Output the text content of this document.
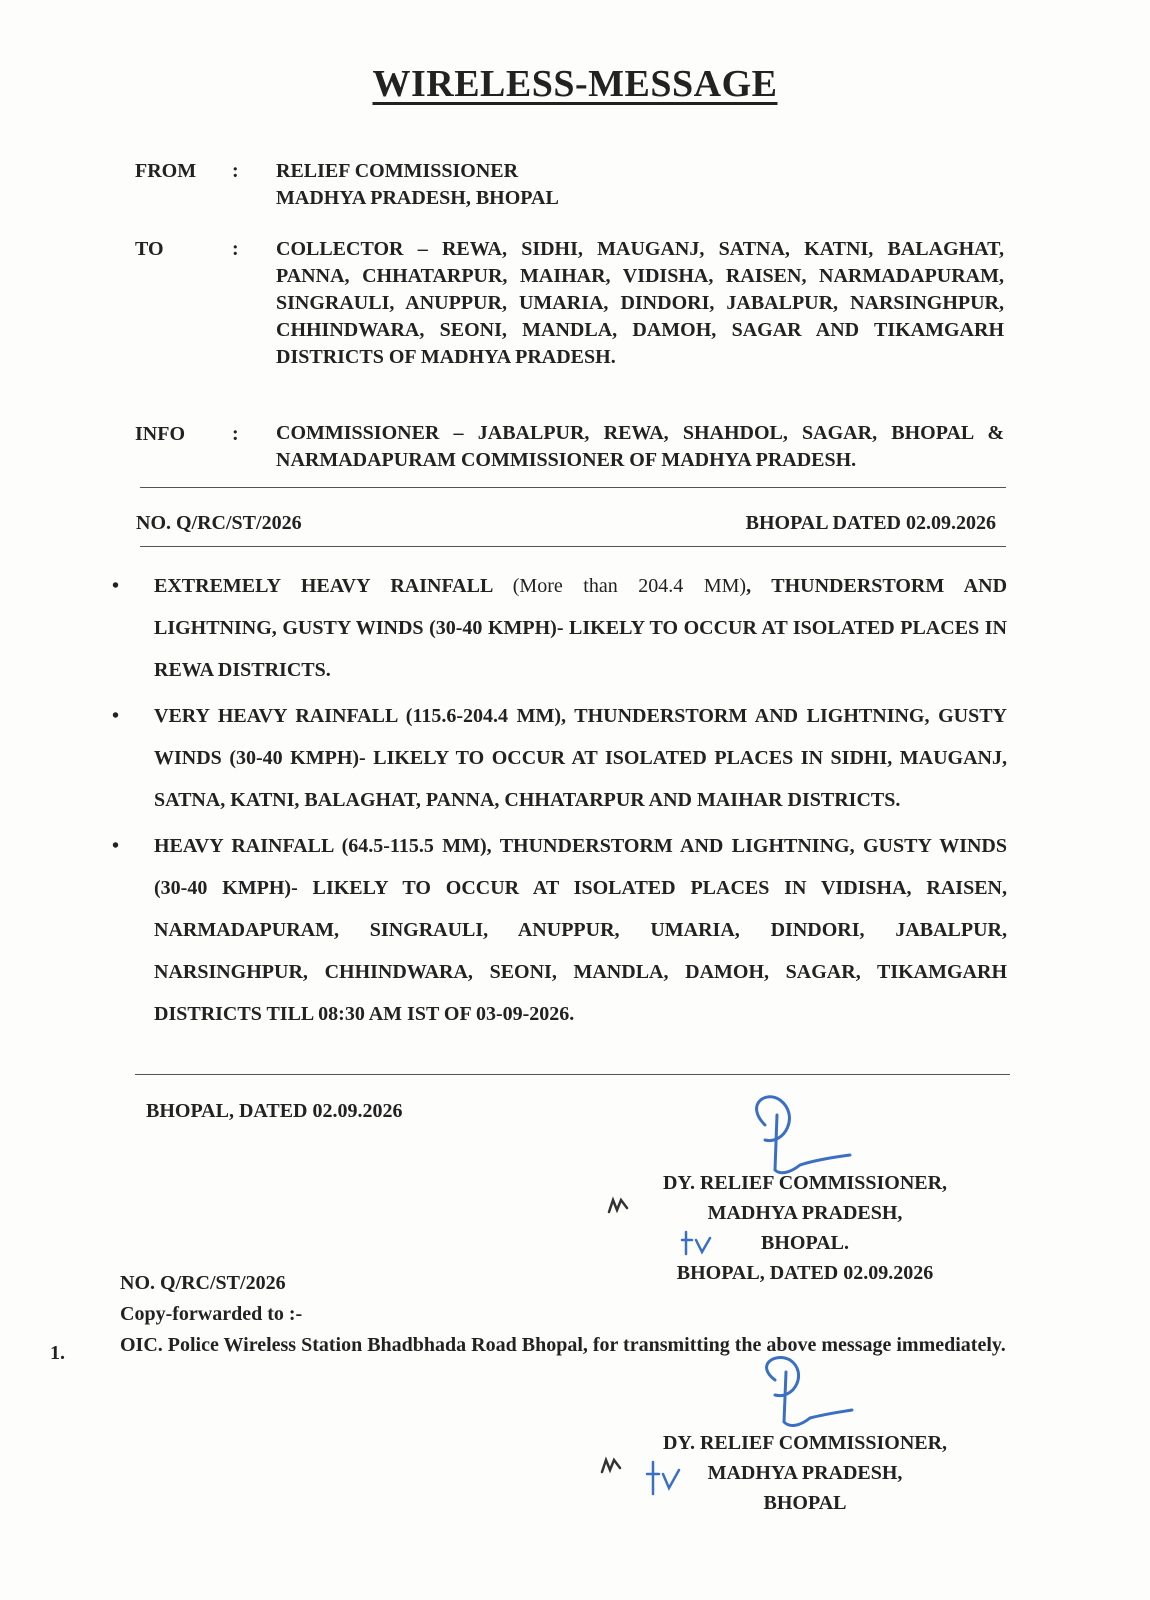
WIRELESS-MESSAGE
FROM : RELIEF COMMISSIONER
MADHYA PRADESH, BHOPAL
TO	: COLLECTOR – REWA, SIDHI, MAUGANJ, SATNA, KATNI, BALAGHAT, PANNA, CHHATARPUR, MAIHAR, VIDISHA, RAISEN, NARMADAPURAM, SINGRAULI, ANUPPUR, UMARIA, DINDORI, JABALPUR, NARSINGHPUR, CHHINDWARA, SEONI, MANDLA, DAMOH, SAGAR AND TIKAMGARH DISTRICTS OF MADHYA PRADESH.
INFO : COMMISSIONER – JABALPUR, REWA, SHAHDOL, SAGAR, BHOPAL & NARMADAPURAM COMMISSIONER OF MADHYA PRADESH.
NO. Q/RC/ST/2026	BHOPAL DATED 02.09.2026
• EXTREMELY HEAVY RAINFALL (More than 204.4 MM), THUNDERSTORM AND LIGHTNING, GUSTY WINDS (30-40 KMPH)- LIKELY TO OCCUR AT ISOLATED PLACES IN REWA DISTRICTS.
• VERY HEAVY RAINFALL (115.6-204.4 MM), THUNDERSTORM AND LIGHTNING, GUSTY WINDS (30-40 KMPH)- LIKELY TO OCCUR AT ISOLATED PLACES IN SIDHI, MAUGANJ, SATNA, KATNI, BALAGHAT, PANNA, CHHATARPUR AND MAIHAR DISTRICTS.
• HEAVY RAINFALL (64.5-115.5 MM), THUNDERSTORM AND LIGHTNING, GUSTY WINDS (30-40 KMPH)- LIKELY TO OCCUR AT ISOLATED PLACES IN VIDISHA, RAISEN, NARMADAPURAM, SINGRAULI, ANUPPUR, UMARIA, DINDORI, JABALPUR, NARSINGHPUR, CHHINDWARA, SEONI, MANDLA, DAMOH, SAGAR, TIKAMGARH DISTRICTS TILL 08:30 AM IST OF 03-09-2026.
BHOPAL, DATED 02.09.2026
DY. RELIEF COMMISSIONER,
MADHYA PRADESH,
BHOPAL.
BHOPAL, DATED 02.09.2026
NO. Q/RC/ST/2026
Copy-forwarded to :-
OIC. Police Wireless Station Bhadbhada Road Bhopal, for transmitting the above message immediately.
1.
DY. RELIEF COMMISSIONER,
MADHYA PRADESH,
BHOPAL
